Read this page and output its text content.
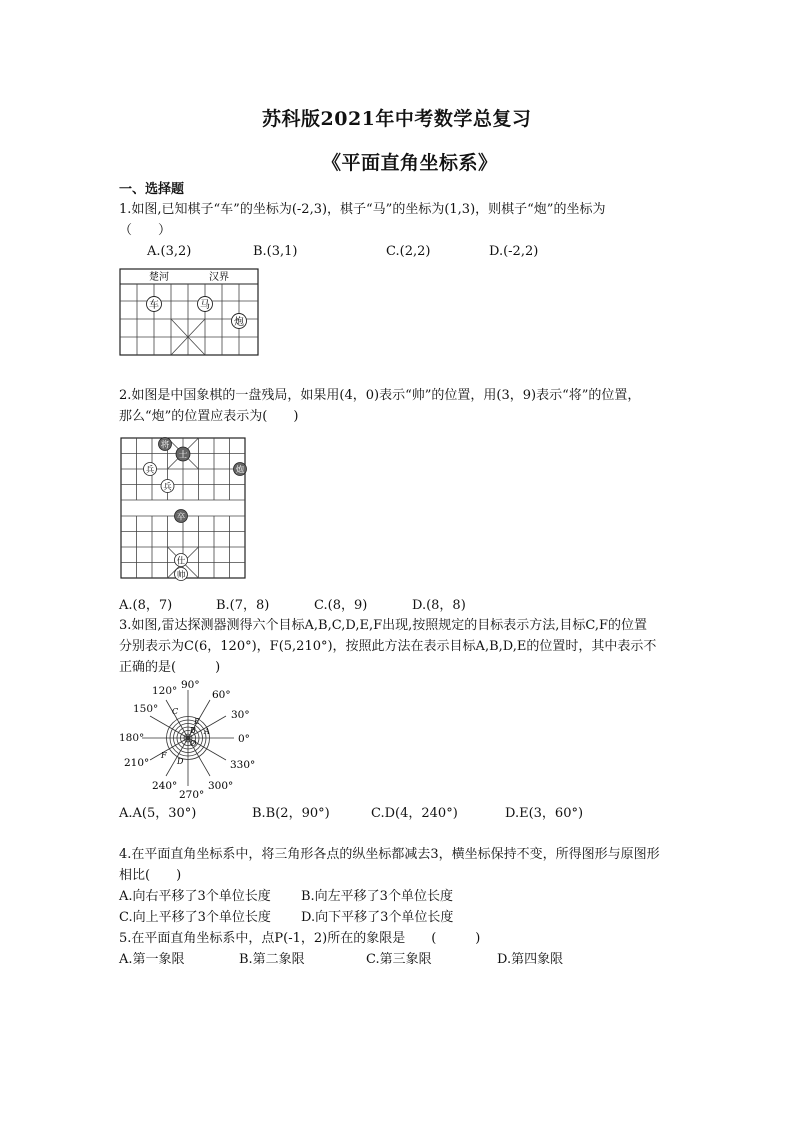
苏科版2021年中考数学总复习
《平面直角坐标系》
一、选择题
1.如图,已知棋子“车”的坐标为(-2,3)，棋子“马”的坐标为(1,3)，则棋子“炮”的坐标为
（　　）
A.(3,2)	B.(3,1)	C.(2,2)	D.(-2,2)
楚河	汉界
车	马
炮
2.如图是中国象棋的一盘残局，如果用(4，0)表示“帅”的位置，用(3，9)表示“将”的位置，
那么“炮”的位置应表示为(　　)
将
士
炮
兵
兵
卒
仕
帅
A.(8，7)	B.(7，8)	C.(8，9)	D.(8，8)
3.如图,雷达探测器测得六个目标A,B,C,D,E,F出现,按照规定的目标表示方法,目标C,F的位置
分别表示为C(6，120°)，F(5,210°)，按照此方法在表示目标A,B,D,E的位置时，其中表示不
正确的是(　　　)
90°
60°
30°
0°
330°
300°
270°
240°
210°
180°
150°
120°
C
E
A
B
F
D
O
A.A(5，30°)	B.B(2，90°)	C.D(4，240°)	D.E(3，60°)
4.在平面直角坐标系中，将三角形各点的纵坐标都减去3，横坐标保持不变，所得图形与原图形
相比(　　)
A.向右平移了3个单位长度 B.向左平移了3个单位长度
C.向上平移了3个单位长度 D.向下平移了3个单位长度
5.在平面直角坐标系中，点P(-1，2)所在的象限是　　(　　　)
A.第一象限	B.第二象限	C.第三象限	D.第四象限
